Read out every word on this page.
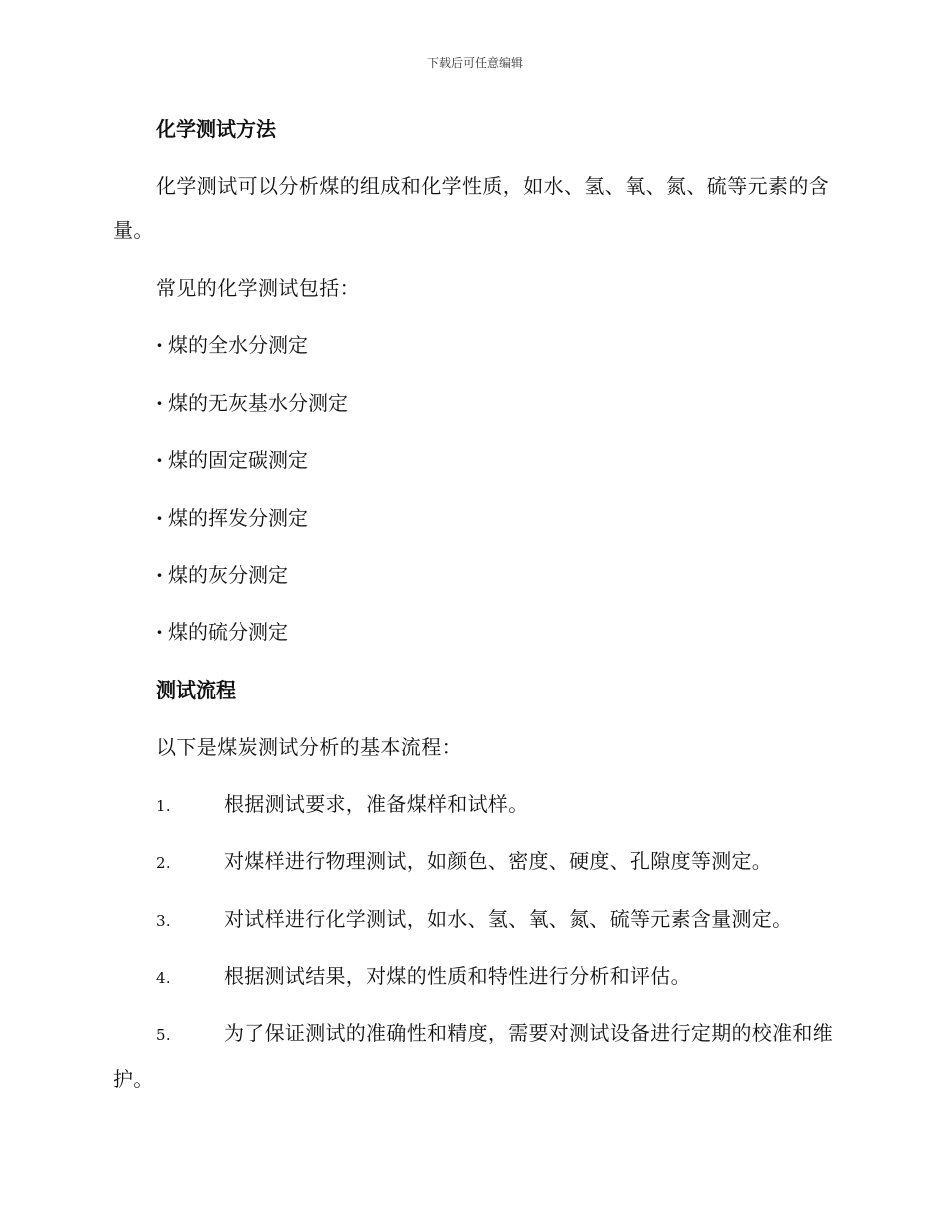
下载后可任意编辑
化学测试方法
化学测试可以分析煤的组成和化学性质，如水、氢、氧、氮、硫等元素的含量。
常见的化学测试包括：
· 煤的全水分测定
· 煤的无灰基水分测定
· 煤的固定碳测定
· 煤的挥发分测定
· 煤的灰分测定
· 煤的硫分测定
测试流程
以下是煤炭测试分析的基本流程：
1.	根据测试要求，准备煤样和试样。
2.	对煤样进行物理测试，如颜色、密度、硬度、孔隙度等测定。
3.	对试样进行化学测试，如水、氢、氧、氮、硫等元素含量测定。
4.	根据测试结果，对煤的性质和特性进行分析和评估。
5.	为了保证测试的准确性和精度，需要对测试设备进行定期的校准和维护。
